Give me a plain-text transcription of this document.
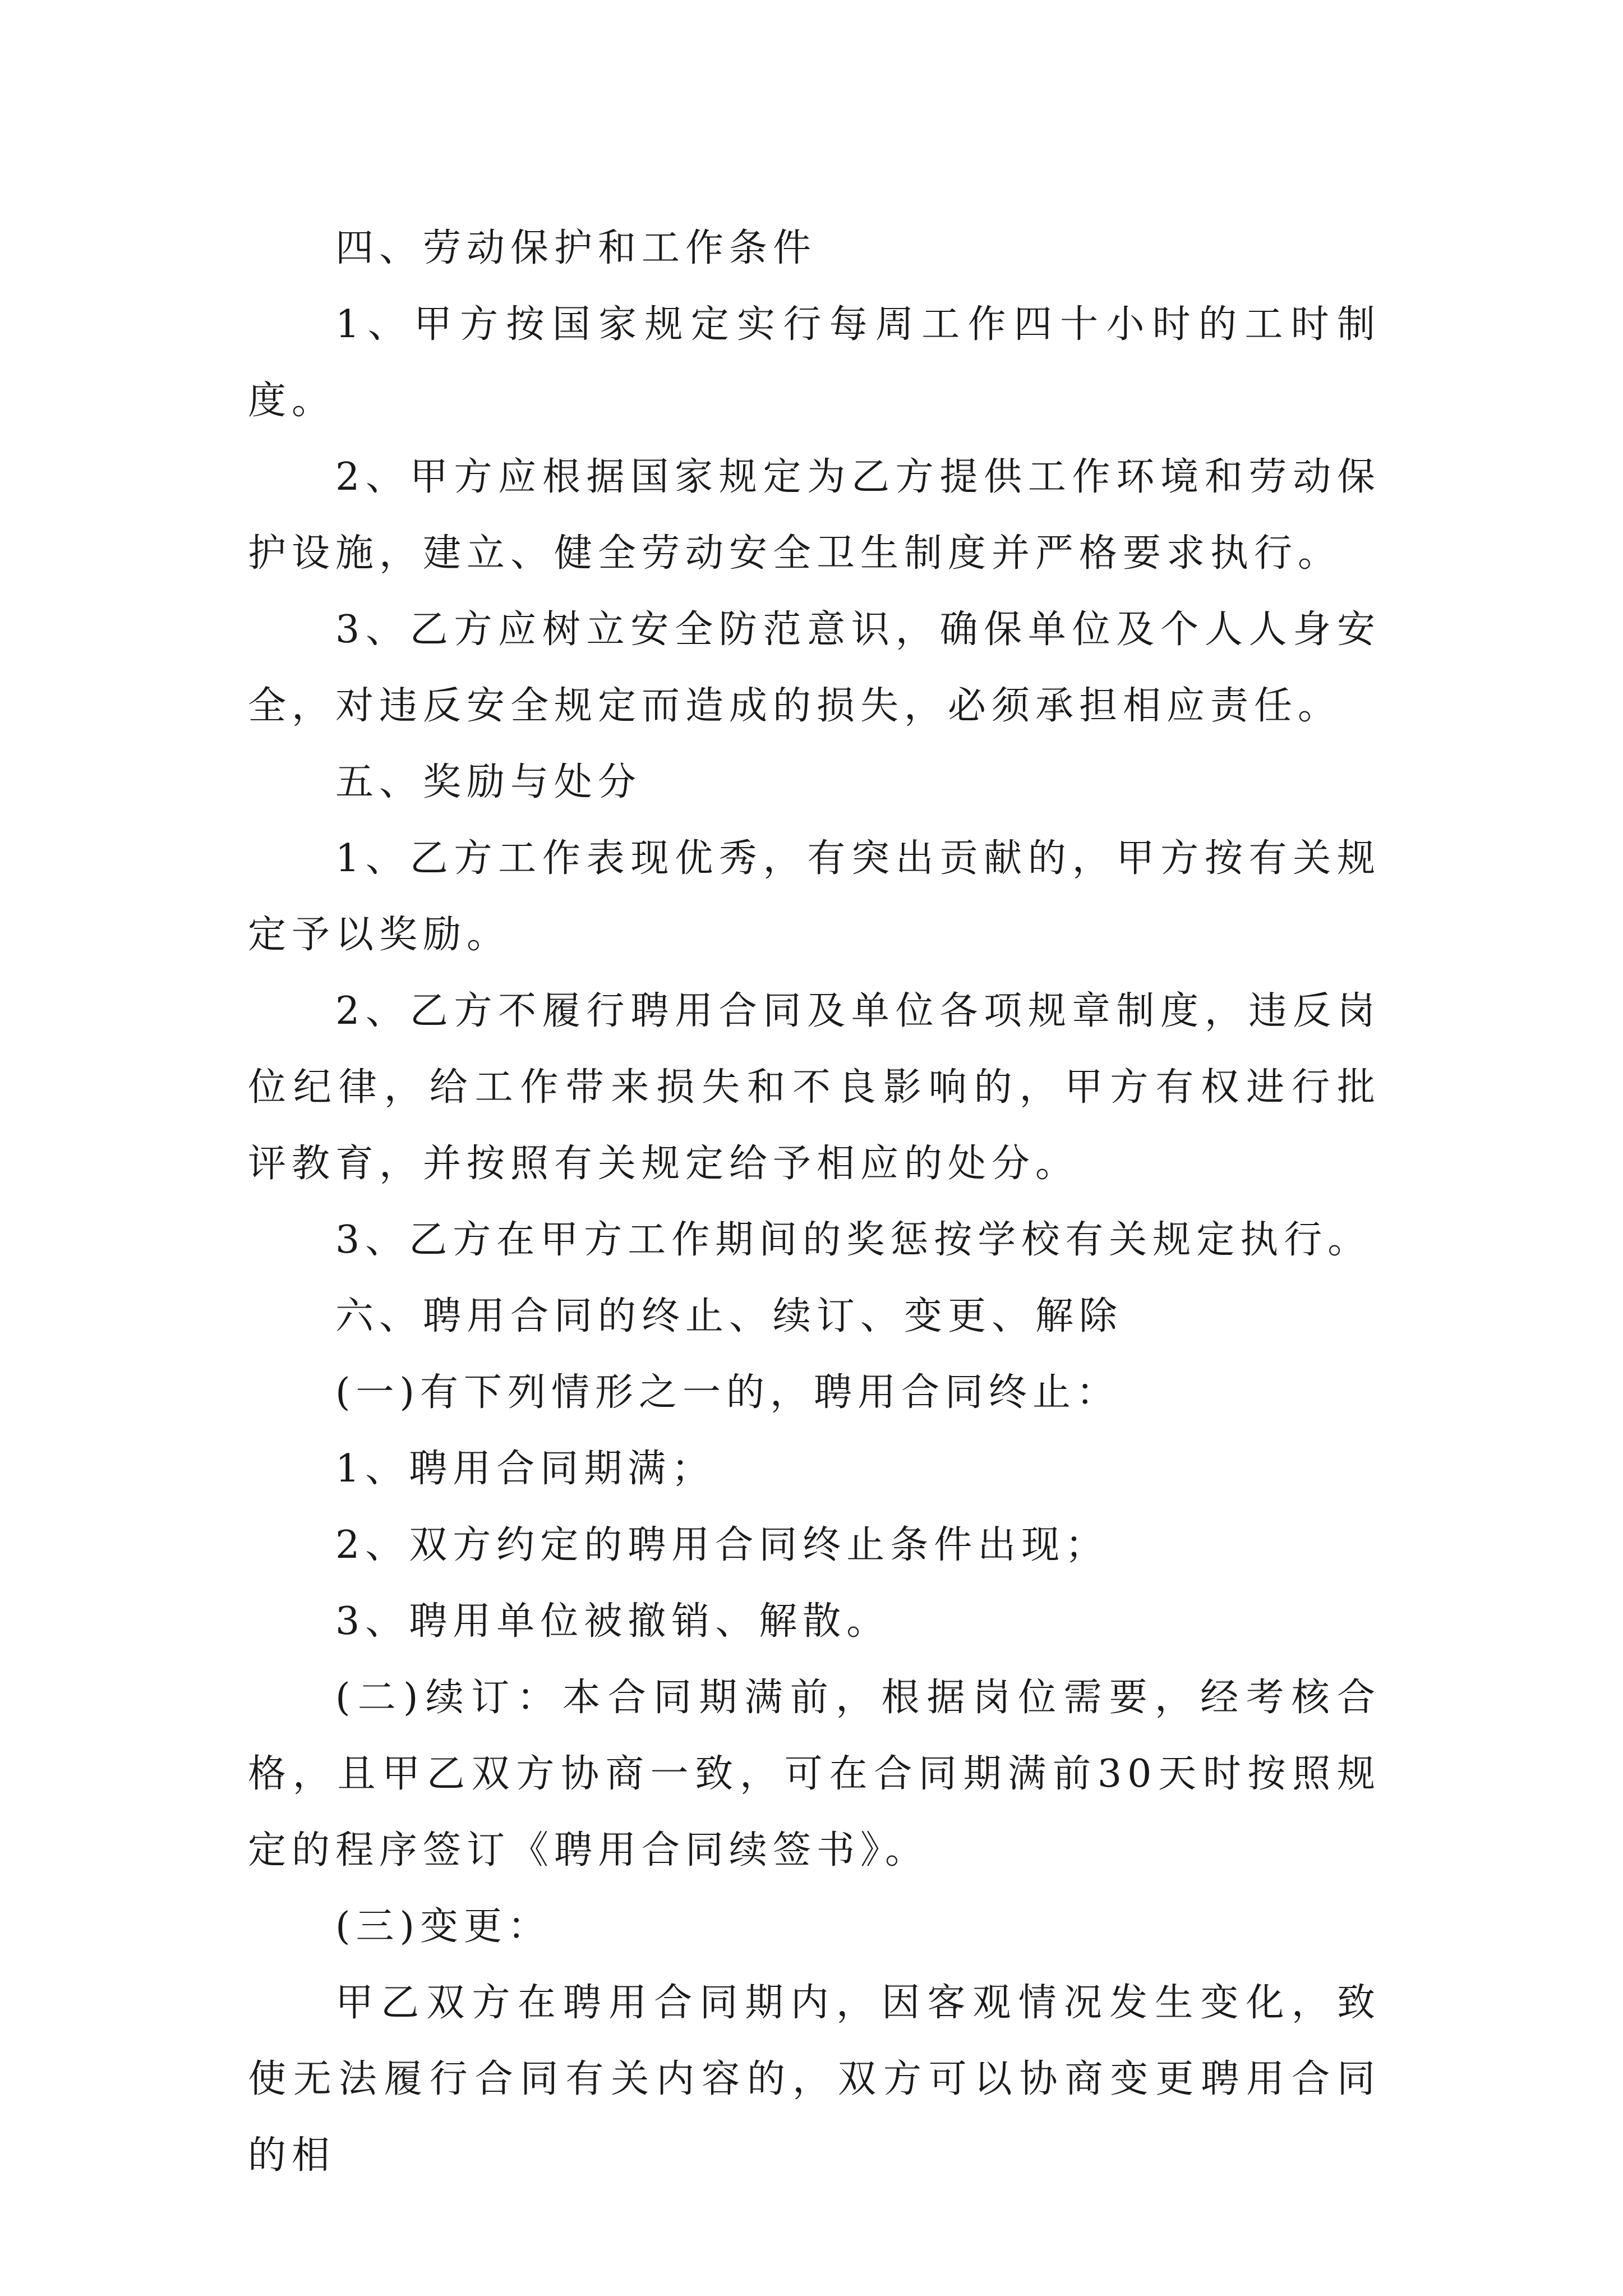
四、劳动保护和工作条件

1、甲方按国家规定实行每周工作四十小时的工时制度。

2、甲方应根据国家规定为乙方提供工作环境和劳动保护设施，建立、健全劳动安全卫生制度并严格要求执行。

3、乙方应树立安全防范意识，确保单位及个人人身安全，对违反安全规定而造成的损失，必须承担相应责任。

五、奖励与处分

1、乙方工作表现优秀，有突出贡献的，甲方按有关规定予以奖励。

2、乙方不履行聘用合同及单位各项规章制度，违反岗位纪律，给工作带来损失和不良影响的，甲方有权进行批评教育，并按照有关规定给予相应的处分。

3、乙方在甲方工作期间的奖惩按学校有关规定执行。

六、聘用合同的终止、续订、变更、解除

(一)有下列情形之一的，聘用合同终止：

1、聘用合同期满；

2、双方约定的聘用合同终止条件出现；

3、聘用单位被撤销、解散。

(二)续订：本合同期满前，根据岗位需要，经考核合格，且甲乙双方协商一致，可在合同期满前30天时按照规定的程序签订《聘用合同续签书》。

(三)变更：

甲乙双方在聘用合同期内，因客观情况发生变化，致使无法履行合同有关内容的，双方可以协商变更聘用合同的相
